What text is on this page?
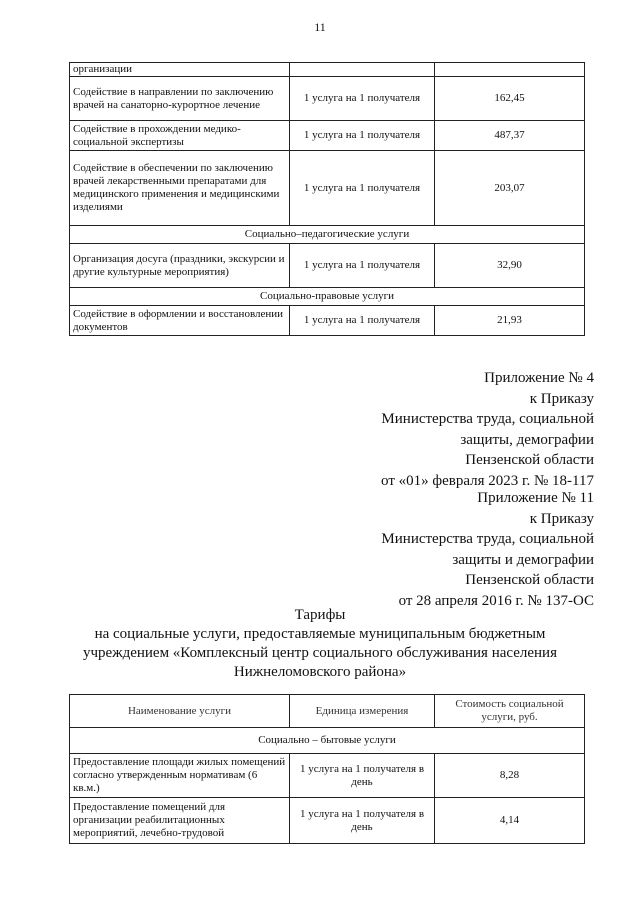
11
организации		
Содействие в направлении по заключению врачей на санаторно-курортное лечение	1 услуга на 1 получателя	162,45
Содействие в прохождении медико-социальной экспертизы	1 услуга на 1 получателя	487,37
Содействие в обеспечении по заключению врачей лекарственными препаратами для медицинского применения и медицинскими изделиями	1 услуга на 1 получателя	203,07
Социально–педагогические услуги		
Организация досуга (праздники, экскурсии и другие культурные мероприятия)	1 услуга на 1 получателя	32,90
Социально-правовые услуги		
Содействие в оформлении и восстановлении документов	1 услуга на 1 получателя	21,93
Приложение № 4
к Приказу
Министерства труда, социальной
защиты, демографии
Пензенской области
от «01» февраля 2023 г. № 18-117
Приложение № 11
к Приказу
Министерства труда, социальной
защиты и демографии
Пензенской области
от 28 апреля 2016 г. № 137-ОС
Тарифы
на социальные услуги, предоставляемые муниципальным бюджетным
учреждением «Комплексный центр социального обслуживания населения
Нижнеломовского района»
Наименование услуги	Единица измерения	Стоимость социальной услуги, руб.
Социально – бытовые услуги		
Предоставление площади жилых помещений согласно утвержденным нормативам (6 кв.м.)	1 услуга на 1 получателя в день	8,28
Предоставление помещений для организации реабилитационных мероприятий, лечебно-трудовой	1 услуга на 1 получателя в день	4,14
